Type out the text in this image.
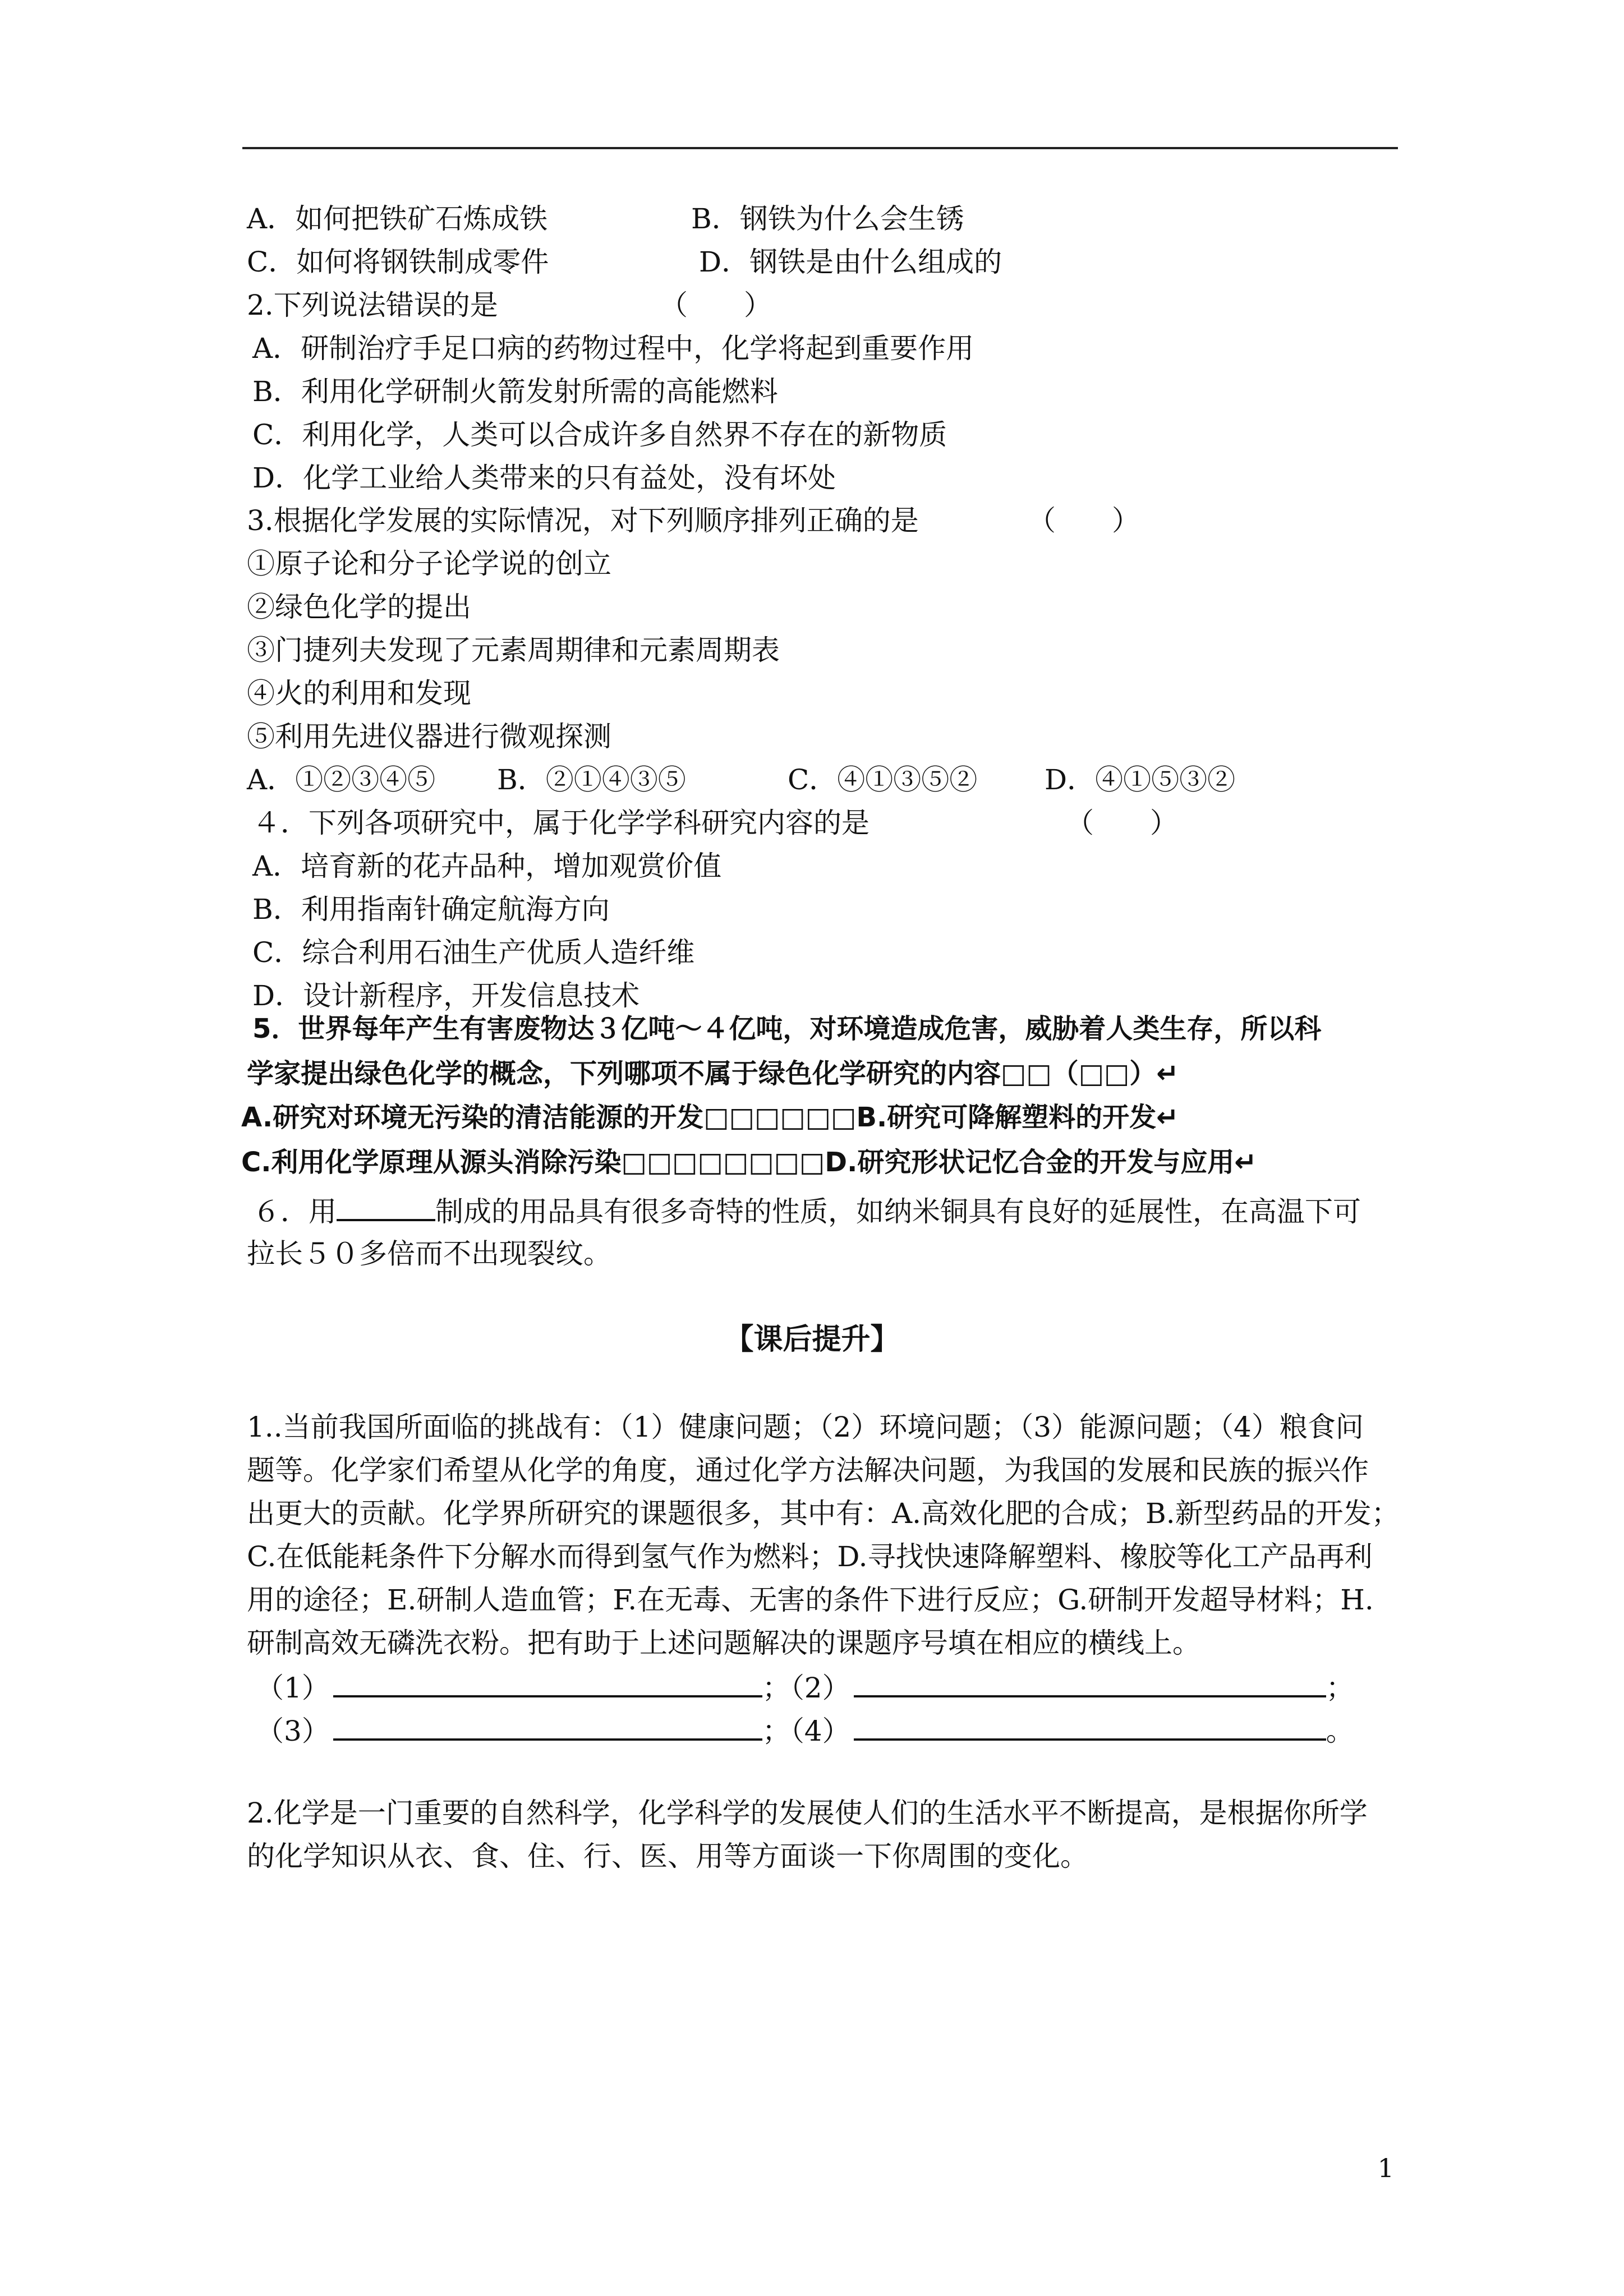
A．如何把铁矿石炼成铁	B．钢铁为什么会生锈

C．如何将钢铁制成零件	D．钢铁是由什么组成的

2.下列说法错误的是	（　　）

A．研制治疗手足口病的药物过程中，化学将起到重要作用

B．利用化学研制火箭发射所需的高能燃料

C．利用化学，人类可以合成许多自然界不存在的新物质

D．化学工业给人类带来的只有益处，没有坏处

3.根据化学发展的实际情况，对下列顺序排列正确的是	（　　）

①原子论和分子论学说的创立

②绿色化学的提出

③门捷列夫发现了元素周期律和元素周期表

④火的利用和发现

⑤利用先进仪器进行微观探测

A．①②③④⑤ B．②①④③⑤	C．④①③⑤② D．④①⑤③②

４．下列各项研究中，属于化学学科研究内容的是	（　　）

A．培育新的花卉品种，增加观赏价值

B．利用指南针确定航海方向

C．综合利用石油生产优质人造纤维

D．设计新程序，开发信息技术

5．世界每年产生有害废物达３亿吨～４亿吨，对环境造成危害，威胁着人类生存，所以科

学家提出绿色化学的概念，下列哪项不属于绿色化学研究的内容□□（□□）↵

A.研究对环境无污染的清洁能源的开发□□□□□□B.研究可降解塑料的开发↵

C.利用化学原理从源头消除污染□□□□□□□□D.研究形状记忆合金的开发与应用↵

６．用	制成的用品具有很多奇特的性质，如纳米铜具有良好的延展性，在高温下可

拉长５０多倍而不出现裂纹。

【课后提升】

1..当前我国所面临的挑战有：（1）健康问题；（2）环境问题；（3）能源问题；（4）粮食问

题等。化学家们希望从化学的角度，通过化学方法解决问题，为我国的发展和民族的振兴作

出更大的贡献。化学界所研究的课题很多，其中有：A.高效化肥的合成；B.新型药品的开发；

C.在低能耗条件下分解水而得到氢气作为燃料；D.寻找快速降解塑料、橡胶等化工产品再利

用的途径；E.研制人造血管；F.在无毒、无害的条件下进行反应；G.研制开发超导材料；H.

研制高效无磷洗衣粉。把有助于上述问题解决的课题序号填在相应的横线上。

（1）	；（2）	；

（3）	；（4）	。

2.化学是一门重要的自然科学，化学科学的发展使人们的生活水平不断提高，是根据你所学

的化学知识从衣、食、住、行、医、用等方面谈一下你周围的变化。

1
